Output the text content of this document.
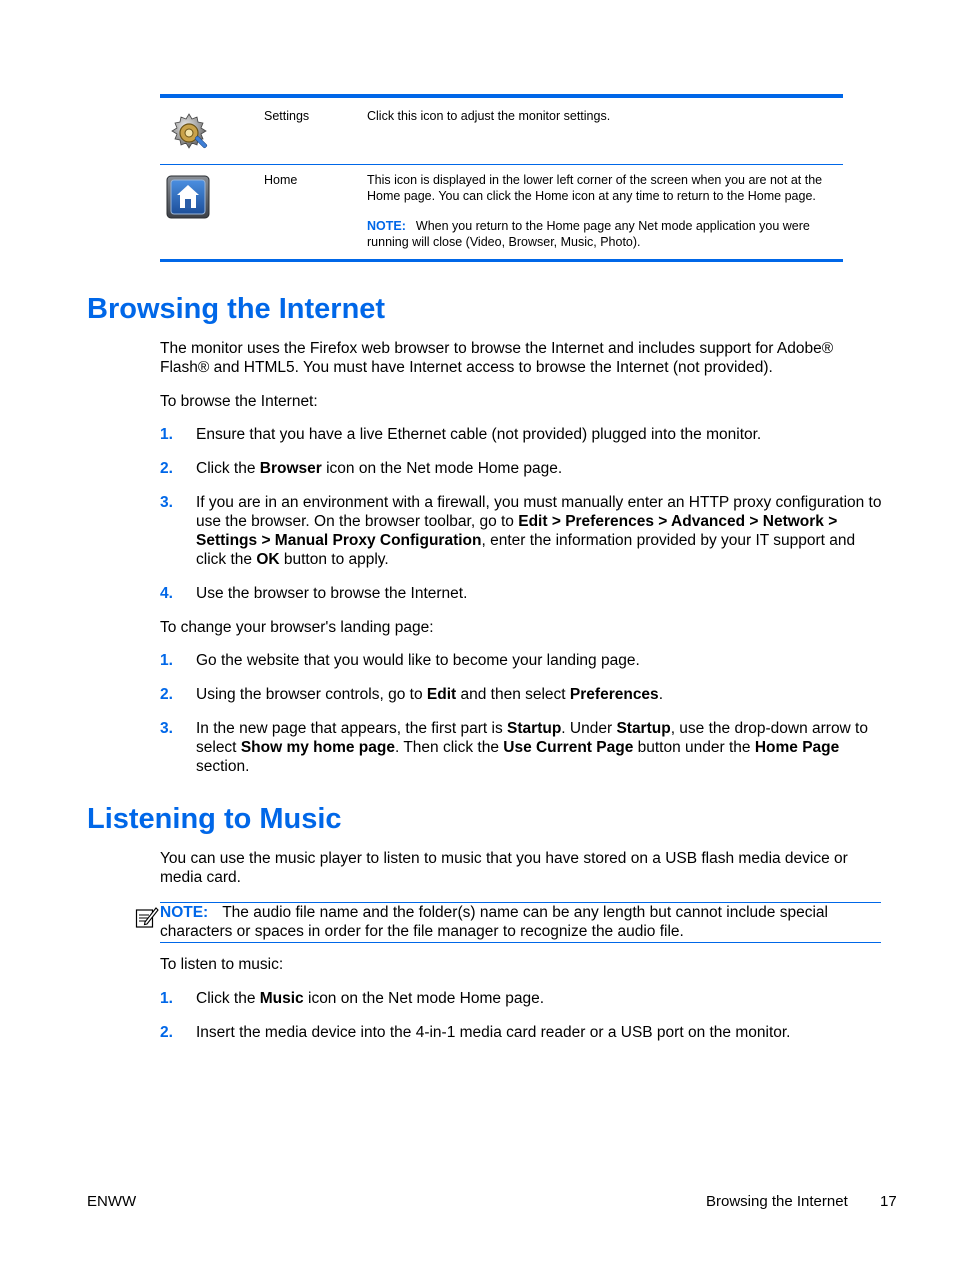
Settings	Click this icon to adjust the monitor settings.
Home	This icon is displayed in the lower left corner of the screen when you are not at the Home page. You can click the Home icon at any time to return to the Home page.

NOTE: When you return to the Home page any Net mode application you were running will close (Video, Browser, Music, Photo).

Browsing the Internet

The monitor uses the Firefox web browser to browse the Internet and includes support for Adobe® Flash® and HTML5. You must have Internet access to browse the Internet (not provided).

To browse the Internet:

1. Ensure that you have a live Ethernet cable (not provided) plugged into the monitor.
2. Click the Browser icon on the Net mode Home page.
3. If you are in an environment with a firewall, you must manually enter an HTTP proxy configuration to use the browser. On the browser toolbar, go to Edit > Preferences > Advanced > Network > Settings > Manual Proxy Configuration, enter the information provided by your IT support and click the OK button to apply.
4. Use the browser to browse the Internet.

To change your browser's landing page:

1. Go the website that you would like to become your landing page.
2. Using the browser controls, go to Edit and then select Preferences.
3. In the new page that appears, the first part is Startup. Under Startup, use the drop-down arrow to select Show my home page. Then click the Use Current Page button under the Home Page section.
Listening to Music

You can use the music player to listen to music that you have stored on a USB flash media device or media card.

NOTE: The audio file name and the folder(s) name can be any length but cannot include special characters or spaces in order for the file manager to recognize the audio file.

To listen to music:

1. Click the Music icon on the Net mode Home page.
2. Insert the media device into the 4-in-1 media card reader or a USB port on the monitor.
ENWW	Browsing the Internet 17
